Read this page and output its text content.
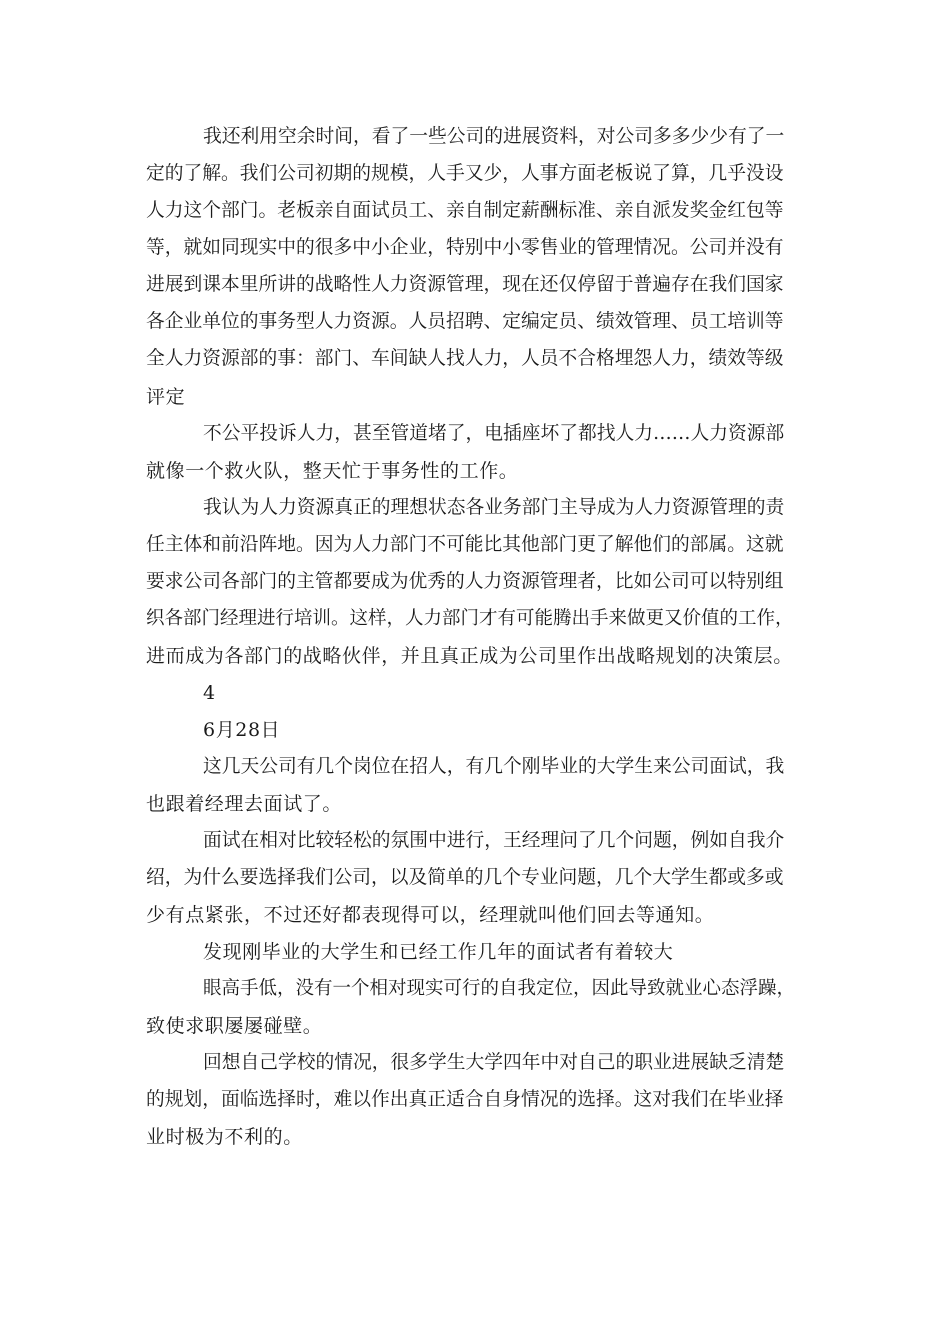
我还利用空余时间，看了一些公司的进展资料，对公司多多少少有了一
定的了解。我们公司初期的规模，人手又少，人事方面老板说了算，几乎没设
人力这个部门。老板亲自面试员工、亲自制定薪酬标准、亲自派发奖金红包等
等，就如同现实中的很多中小企业，特别中小零售业的管理情况。公司并没有
进展到课本里所讲的战略性人力资源管理，现在还仅停留于普遍存在我们国家
各企业单位的事务型人力资源。人员招聘、定编定员、绩效管理、员工培训等
全人力资源部的事：部门、车间缺人找人力，人员不合格埋怨人力，绩效等级
评定
不公平投诉人力，甚至管道堵了，电插座坏了都找人力……人力资源部
就像一个救火队，整天忙于事务性的工作。
我认为人力资源真正的理想状态各业务部门主导成为人力资源管理的责
任主体和前沿阵地。因为人力部门不可能比其他部门更了解他们的部属。这就
要求公司各部门的主管都要成为优秀的人力资源管理者，比如公司可以特别组
织各部门经理进行培训。这样，人力部门才有可能腾出手来做更又价值的工作，
进而成为各部门的战略伙伴，并且真正成为公司里作出战略规划的决策层。
4
6月28日
这几天公司有几个岗位在招人，有几个刚毕业的大学生来公司面试，我
也跟着经理去面试了。
面试在相对比较轻松的氛围中进行，王经理问了几个问题，例如自我介
绍，为什么要选择我们公司，以及简单的几个专业问题，几个大学生都或多或
少有点紧张，不过还好都表现得可以，经理就叫他们回去等通知。
发现刚毕业的大学生和已经工作几年的面试者有着较大
眼高手低，没有一个相对现实可行的自我定位，因此导致就业心态浮躁，
致使求职屡屡碰壁。
回想自己学校的情况，很多学生大学四年中对自己的职业进展缺乏清楚
的规划，面临选择时，难以作出真正适合自身情况的选择。这对我们在毕业择
业时极为不利的。
